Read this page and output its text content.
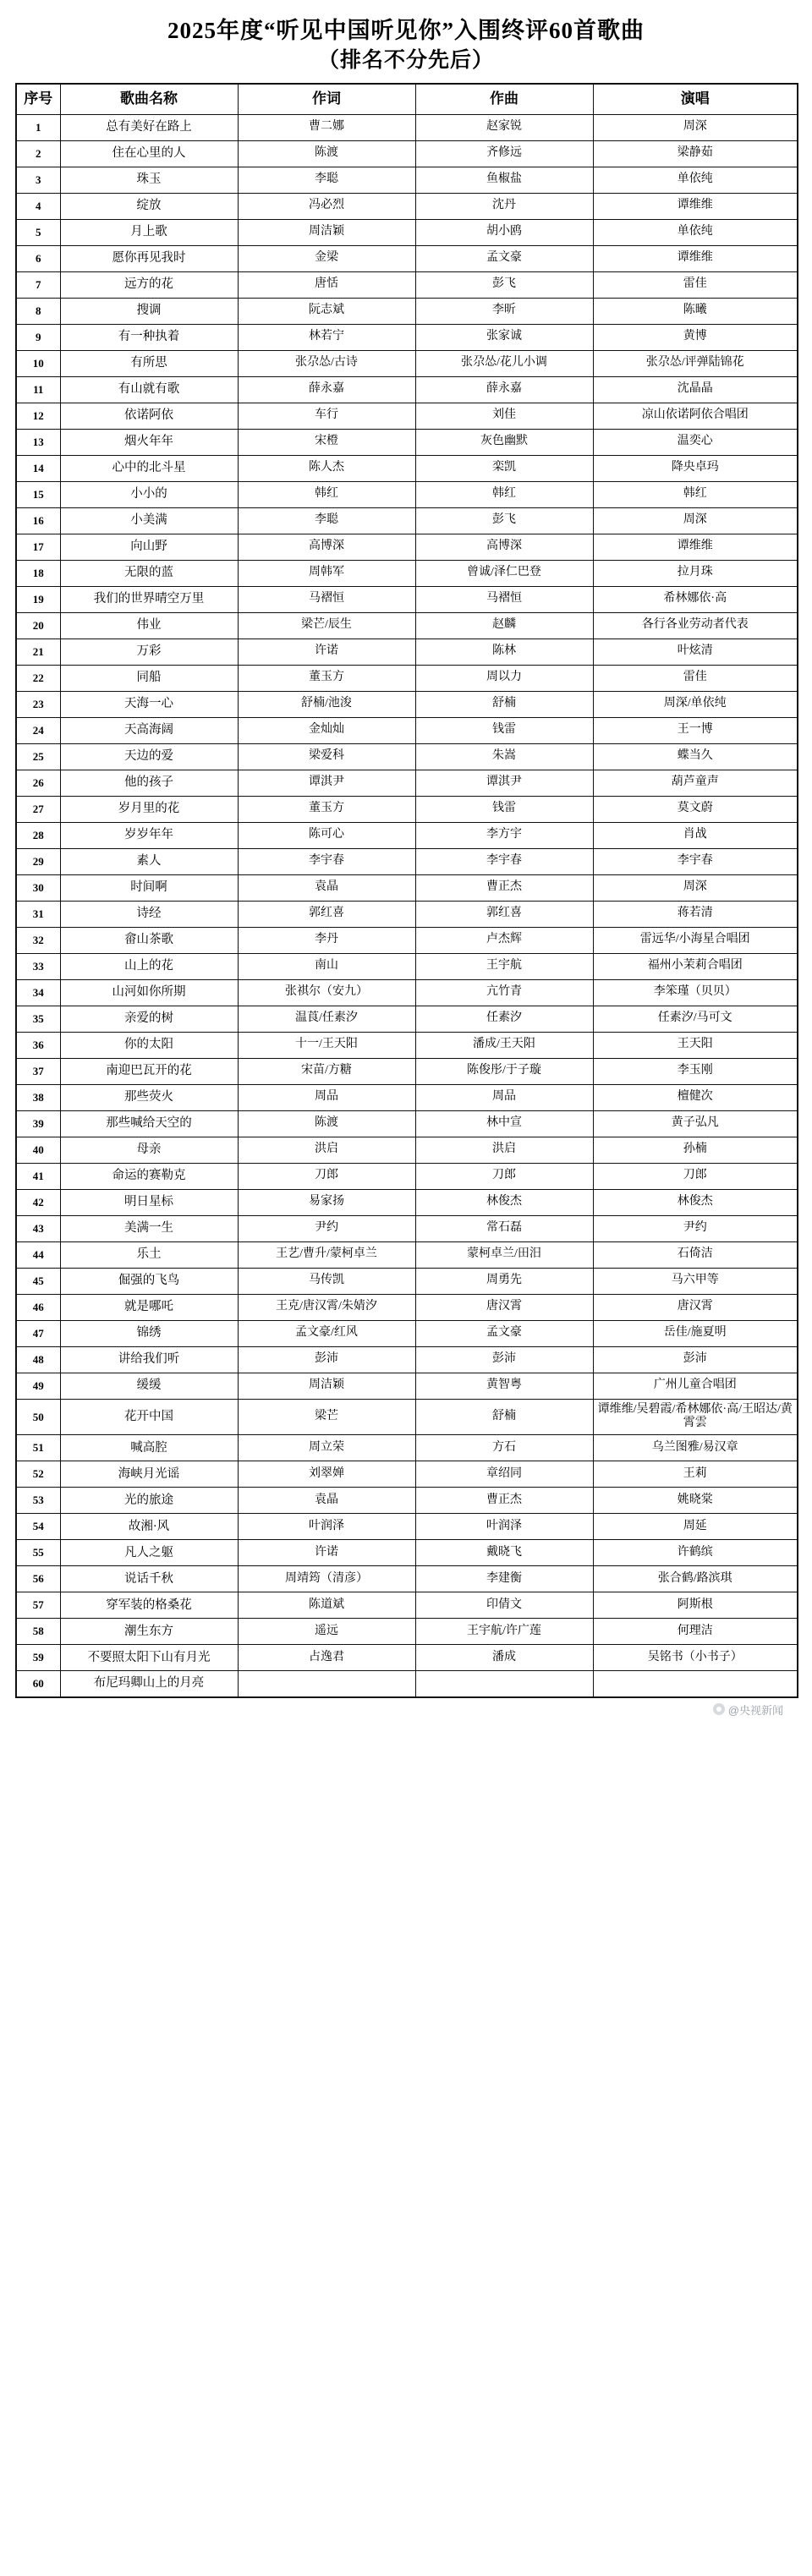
2025年度“听见中国听见你”入围终评60首歌曲
（排名不分先后）
序号	歌曲名称	作词	作曲	演唱
1	总有美好在路上	曹二娜	赵家锐	周深
2	住在心里的人	陈渡	齐修远	梁静茹
3	珠玉	李聪	鱼椒盐	单依纯
4	绽放	冯必烈	沈丹	谭维维
5	月上歌	周洁颖	胡小鸥	单依纯
6	愿你再见我时	金梁	孟文豪	谭维维
7	远方的花	唐恬	彭飞	雷佳
8	搜调	阮志斌	李昕	陈曦
9	有一种执着	林若宁	张家诚	黄博
10	有所思	张尕怂/古诗	张尕怂/花儿小调	张尕怂/评弹陆锦花
11	有山就有歌	薛永嘉	薛永嘉	沈晶晶
12	依诺阿依	车行	刘佳	凉山依诺阿依合唱团
13	烟火年年	宋橙	灰色幽默	温奕心
14	心中的北斗星	陈人杰	栾凯	降央卓玛
15	小小的	韩红	韩红	韩红
16	小美满	李聪	彭飞	周深
17	向山野	高博深	高博深	谭维维
18	无限的蓝	周韩军	曾诚/泽仁巴登	拉月珠
19	我们的世界晴空万里	马褶恒	马褶恒	希林娜依·高
20	伟业	梁芒/辰生	赵麟	各行各业劳动者代表
21	万彩	许诺	陈林	叶炫清
22	同船	董玉方	周以力	雷佳
23	天海一心	舒楠/池浚	舒楠	周深/单依纯
24	天高海阔	金灿灿	钱雷	王一博
25	天边的爱	梁爱科	朱嵩	蝶当久
26	他的孩子	谭淇尹	谭淇尹	葫芦童声
27	岁月里的花	董玉方	钱雷	莫文蔚
28	岁岁年年	陈可心	李方宇	肖战
29	素人	李宇春	李宇春	李宇春
30	时间啊	袁晶	曹正杰	周深
31	诗经	郭红喜	郭红喜	蒋若清
32	畲山茶歌	李丹	卢杰辉	雷远华/小海星合唱团
33	山上的花	南山	王宇航	福州小茉莉合唱团
34	山河如你所期	张祺尔（安九）	亢竹青	李笨瑾（贝贝）
35	亲爱的树	温莨/任素汐	任素汐	任素汐/马可文
36	你的太阳	十一/王天阳	潘成/王天阳	王天阳
37	南迎巴瓦开的花	宋苗/方糖	陈俊彤/于子璇	李玉刚
38	那些荧火	周品	周品	檀健次
39	那些喊给天空的	陈渡	林中宣	黄子弘凡
40	母亲	洪启	洪启	孙楠
41	命运的赛勒克	刀郎	刀郎	刀郎
42	明日星标	易家扬	林俊杰	林俊杰
43	美满一生	尹约	常石磊	尹约
44	乐土	王艺/曹升/蒙柯卓兰	蒙柯卓兰/田汨	石倚洁
45	倔强的飞鸟	马传凯	周勇先	马六甲等
46	就是哪吒	王克/唐汉霄/朱婧汐	唐汉霄	唐汉霄
47	锦绣	孟文豪/红风	孟文豪	岳佳/施夏明
48	讲给我们听	彭沛	彭沛	彭沛
49	缓缓	周洁颖	黄智粤	广州儿童合唱团
50	花开中国	梁芒	舒楠	谭维维/吴碧霞/希林娜依·高/王昭达/黄霄雲
51	喊高腔	周立荣	方石	乌兰图雅/易汉章
52	海峡月光谣	刘翠婵	章绍同	王莉
53	光的旅途	袁晶	曹正杰	姚晓棠
54	故湘·风	叶润泽	叶润泽	周延
55	凡人之躯	许诺	戴晓飞	许鹤缤
56	说话千秋	周靖筠（清彦）	李建衡	张合鹤/路滨琪
57	穿军装的格桑花	陈道斌	印倩文	阿斯根
58	潮生东方	遥远	王宇航/许广莲	何理洁
59	不要照太阳下山有月光	占逸君	潘成	吴铭书（小书子）
60	布尼玛卿山上的月亮			
@央视新闻
